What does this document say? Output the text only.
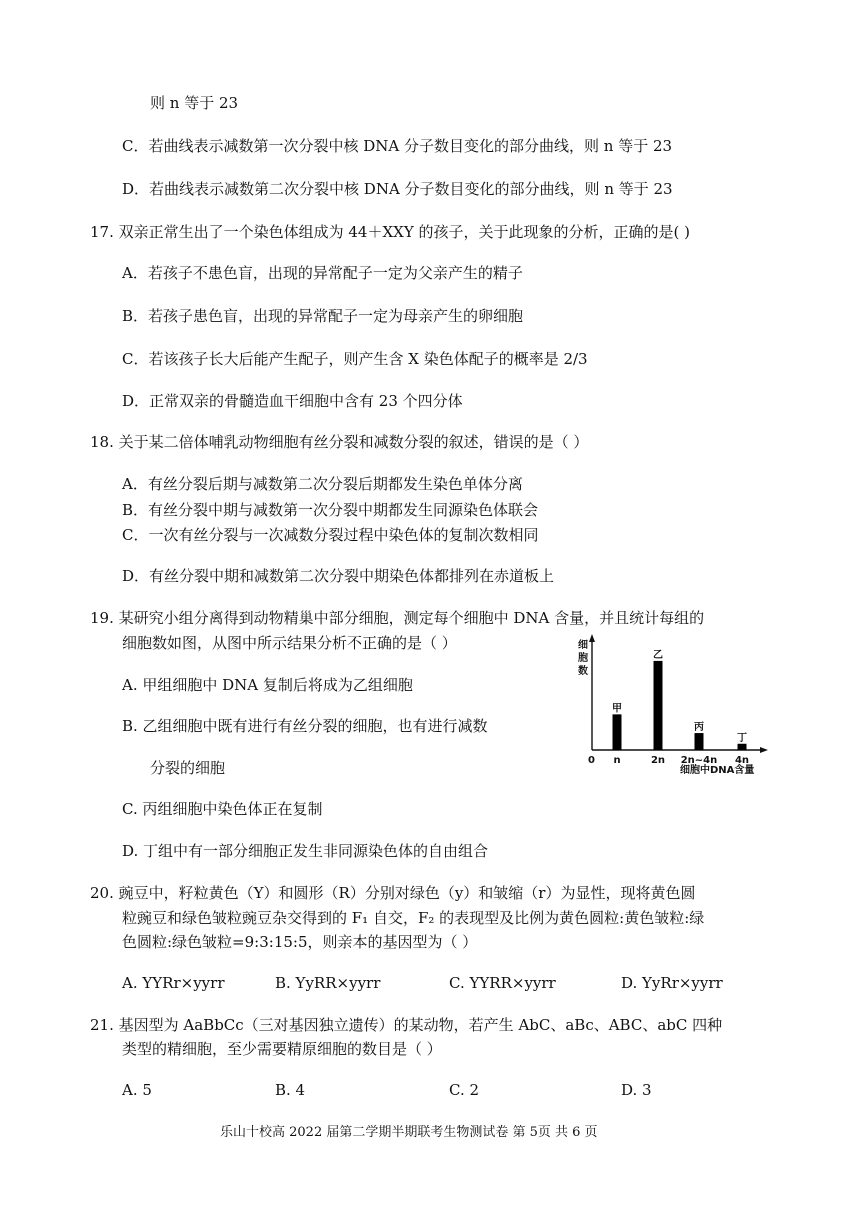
则 n 等于 23
C．若曲线表示减数第一次分裂中核 DNA 分子数目变化的部分曲线，则 n 等于 23
D．若曲线表示减数第二次分裂中核 DNA 分子数目变化的部分曲线，则 n 等于 23
17. 双亲正常生出了一个染色体组成为 44＋XXY 的孩子，关于此现象的分析，正确的是( )
A．若孩子不患色盲，出现的异常配子一定为父亲产生的精子
B．若孩子患色盲，出现的异常配子一定为母亲产生的卵细胞
C．若该孩子长大后能产生配子，则产生含 X 染色体配子的概率是 2/3
D．正常双亲的骨髓造血干细胞中含有 23 个四分体
18. 关于某二倍体哺乳动物细胞有丝分裂和减数分裂的叙述，错误的是（ ）
A．有丝分裂后期与减数第二次分裂后期都发生染色单体分离
B．有丝分裂中期与减数第一次分裂中期都发生同源染色体联会
C．一次有丝分裂与一次减数分裂过程中染色体的复制次数相同
D．有丝分裂中期和减数第二次分裂中期染色体都排列在赤道板上
19. 某研究小组分离得到动物精巢中部分细胞，测定每个细胞中 DNA 含量，并且统计每组的
细胞数如图，从图中所示结果分析不正确的是（ ）
A. 甲组细胞中 DNA 复制后将成为乙组细胞
B. 乙组细胞中既有进行有丝分裂的细胞，也有进行减数
分裂的细胞
C. 丙组细胞中染色体正在复制
D. 丁组中有一部分细胞正发生非同源染色体的自由组合
细
胞
数
0
细胞中DNA含量
甲
n
乙
2n
丙
2n~4n
丁
4n
20. 豌豆中，籽粒黄色（Y）和圆形（R）分别对绿色（y）和皱缩（r）为显性，现将黄色圆
粒豌豆和绿色皱粒豌豆杂交得到的 F₁ 自交，F₂ 的表现型及比例为黄色圆粒:黄色皱粒:绿
色圆粒:绿色皱粒=9:3:15:5，则亲本的基因型为（ ）
A. YYRr×yyrr	B. YyRR×yyrr	C. YYRR×yyrr	D. YyRr×yyrr
21. 基因型为 AaBbCc（三对基因独立遗传）的某动物，若产生 AbC、aBc、ABC、abC 四种
类型的精细胞，至少需要精原细胞的数目是（ ）
A. 5	B. 4	C. 2	D. 3
乐山十校高 2022 届第二学期半期联考生物测试卷 第 5页 共 6 页
